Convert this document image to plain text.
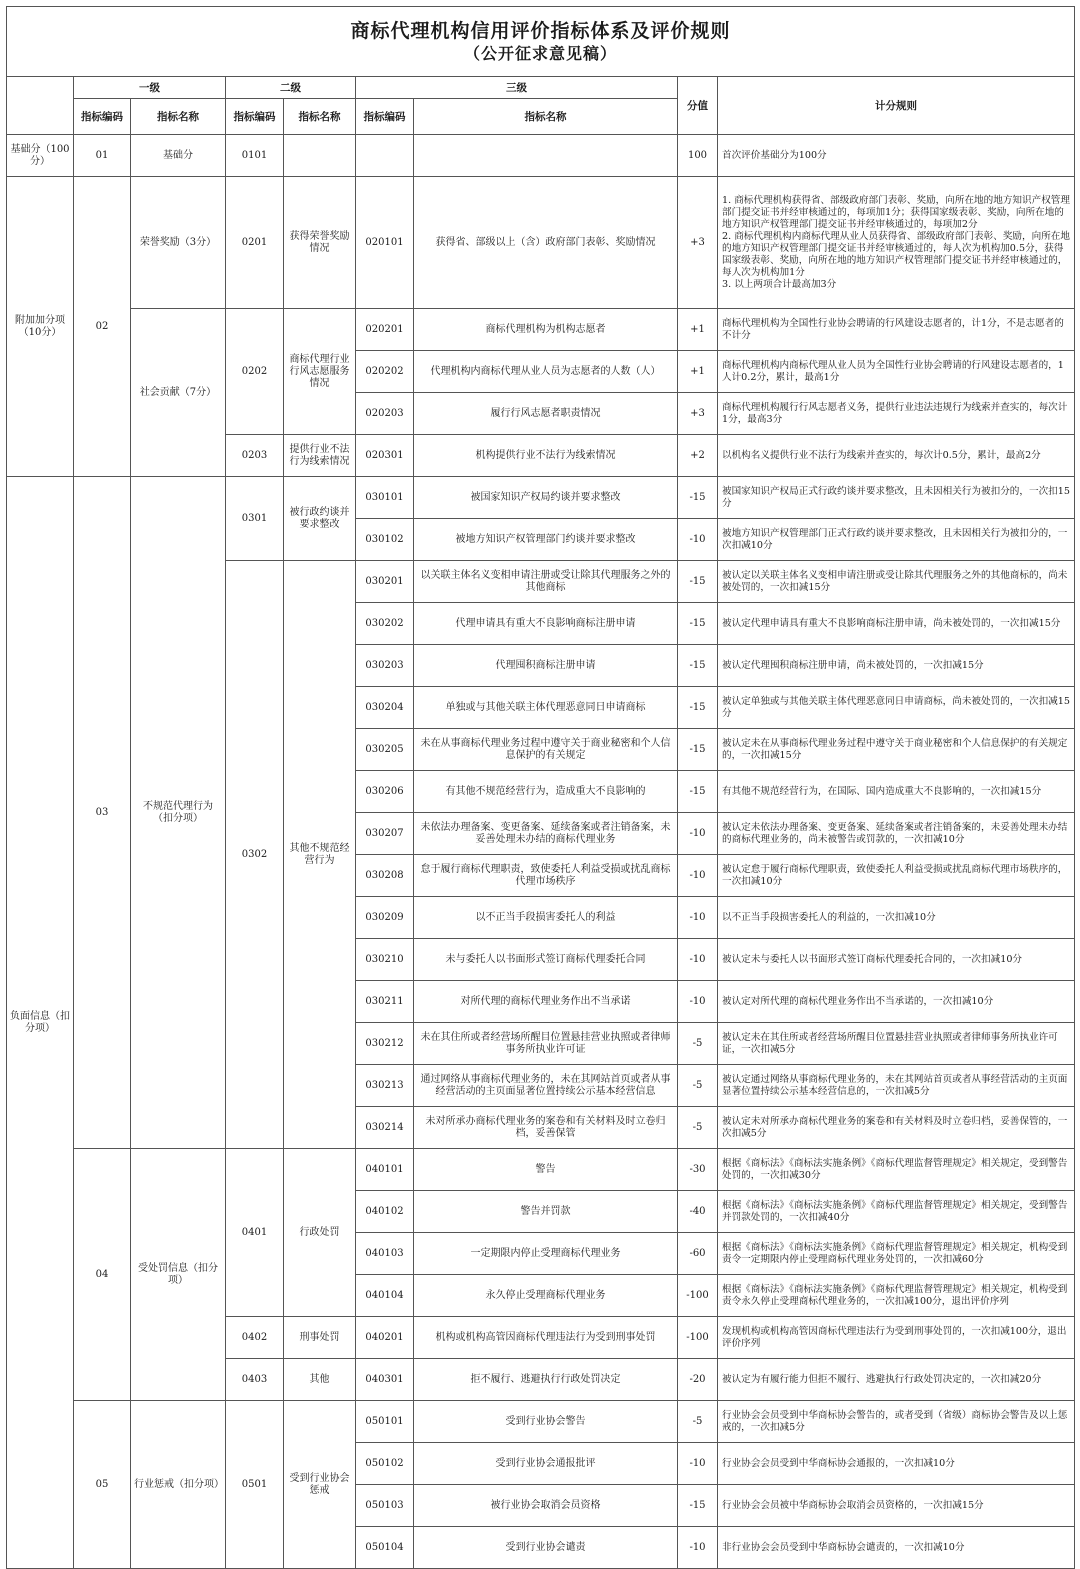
商标代理机构信用评价指标体系及评价规则
（公开征求意见稿）								

	一级		二级		三级		分值	计分规则
	指标编码	指标名称	指标编码	指标名称	指标编码	指标名称		
基础分（100分）	01	基础分	0101				100	首次评价基础分为100分
附加加分项（10分）	02	荣誉奖励（3分）	0201	获得荣誉奖励情况	020101	获得省、部级以上（含）政府部门表彰、奖励情况	+3	1. 商标代理机构获得省、部级政府部门表彰、奖励，向所在地的地方知识产权管理部门提交证书并经审核通过的，每项加1分；获得国家级表彰、奖励，向所在地的地方知识产权管理部门提交证书并经审核通过的，每项加2分
2. 商标代理机构内商标代理从业人员获得省、部级政府部门表彰、奖励，向所在地的地方知识产权管理部门提交证书并经审核通过的，每人次为机构加0.5分，获得国家级表彰、奖励，向所在地的地方知识产权管理部门提交证书并经审核通过的，每人次为机构加1分
3. 以上两项合计最高加3分
		社会贡献（7分）	0202	商标代理行业行风志愿服务情况	020201	商标代理机构为机构志愿者	+1	商标代理机构为全国性行业协会聘请的行风建设志愿者的，计1分，不是志愿者的不计分
					020202	代理机构内商标代理从业人员为志愿者的人数（人）	+1	商标代理机构内商标代理从业人员为全国性行业协会聘请的行风建设志愿者的，1人计0.2分，累计，最高1分
					020203	履行行风志愿者职责情况	+3	商标代理机构履行行风志愿者义务，提供行业违法违规行为线索并查实的，每次计1分，最高3分
			0203	提供行业不法行为线索情况	020301	机构提供行业不法行为线索情况	+2	以机构名义提供行业不法行为线索并查实的，每次计0.5分，累计，最高2分
负面信息（扣分项）	03	不规范代理行为（扣分项）	0301	被行政约谈并要求整改	030101	被国家知识产权局约谈并要求整改	-15	被国家知识产权局正式行政约谈并要求整改，且未因相关行为被扣分的，一次扣15分
					030102	被地方知识产权管理部门约谈并要求整改	-10	被地方知识产权管理部门正式行政约谈并要求整改，且未因相关行为被扣分的，一次扣减10分
			0302	其他不规范经营行为	030201	以关联主体名义变相申请注册或受让除其代理服务之外的其他商标	-15	被认定以关联主体名义变相申请注册或受让除其代理服务之外的其他商标的，尚未被处罚的，一次扣减15分
					030202	代理申请具有重大不良影响商标注册申请	-15	被认定代理申请具有重大不良影响商标注册申请，尚未被处罚的，一次扣减15分
					030203	代理囤积商标注册申请	-15	被认定代理囤积商标注册申请，尚未被处罚的，一次扣减15分
					030204	单独或与其他关联主体代理恶意同日申请商标	-15	被认定单独或与其他关联主体代理恶意同日申请商标，尚未被处罚的，一次扣减15分
					030205	未在从事商标代理业务过程中遵守关于商业秘密和个人信息保护的有关规定	-15	被认定未在从事商标代理业务过程中遵守关于商业秘密和个人信息保护的有关规定的，一次扣减15分
					030206	有其他不规范经营行为，造成重大不良影响的	-15	有其他不规范经营行为，在国际、国内造成重大不良影响的，一次扣减15分
					030207	未依法办理备案、变更备案、延续备案或者注销备案，未妥善处理未办结的商标代理业务	-10	被认定未依法办理备案、变更备案、延续备案或者注销备案的，未妥善处理未办结的商标代理业务的，尚未被警告或罚款的，一次扣减10分
					030208	怠于履行商标代理职责，致使委托人利益受损或扰乱商标代理市场秩序	-10	被认定怠于履行商标代理职责，致使委托人利益受损或扰乱商标代理市场秩序的，一次扣减10分
					030209	以不正当手段损害委托人的利益	-10	以不正当手段损害委托人的利益的，一次扣减10分
					030210	未与委托人以书面形式签订商标代理委托合同	-10	被认定未与委托人以书面形式签订商标代理委托合同的，一次扣减10分
					030211	对所代理的商标代理业务作出不当承诺	-10	被认定对所代理的商标代理业务作出不当承诺的，一次扣减10分
					030212	未在其住所或者经营场所醒目位置悬挂营业执照或者律师事务所执业许可证	-5	被认定未在其住所或者经营场所醒目位置悬挂营业执照或者律师事务所执业许可证，一次扣减5分
					030213	通过网络从事商标代理业务的，未在其网站首页或者从事经营活动的主页面显著位置持续公示基本经营信息	-5	被认定通过网络从事商标代理业务的，未在其网站首页或者从事经营活动的主页面显著位置持续公示基本经营信息的，一次扣减5分
					030214	未对所承办商标代理业务的案卷和有关材料及时立卷归档，妥善保管	-5	被认定未对所承办商标代理业务的案卷和有关材料及时立卷归档，妥善保管的，一次扣减5分
	04	受处罚信息（扣分项）	0401	行政处罚	040101	警告	-30	根据《商标法》《商标法实施条例》《商标代理监督管理规定》相关规定，受到警告处罚的，一次扣减30分
					040102	警告并罚款	-40	根据《商标法》《商标法实施条例》《商标代理监督管理规定》相关规定，受到警告并罚款处罚的，一次扣减40分
					040103	一定期限内停止受理商标代理业务	-60	根据《商标法》《商标法实施条例》《商标代理监督管理规定》相关规定，机构受到责令一定期限内停止受理商标代理业务处罚的，一次扣减60分
					040104	永久停止受理商标代理业务	-100	根据《商标法》《商标法实施条例》《商标代理监督管理规定》相关规定，机构受到责令永久停止受理商标代理业务的，一次扣减100分，退出评价序列
			0402	刑事处罚	040201	机构或机构高管因商标代理违法行为受到刑事处罚	-100	发现机构或机构高管因商标代理违法行为受到刑事处罚的，一次扣减100分，退出评价序列
			0403	其他	040301	拒不履行、逃避执行行政处罚决定	-20	被认定为有履行能力但拒不履行、逃避执行行政处罚决定的，一次扣减20分
	05	行业惩戒（扣分项）	0501	受到行业协会惩戒	050101	受到行业协会警告	-5	行业协会会员受到中华商标协会警告的，或者受到（省级）商标协会警告及以上惩戒的，一次扣减5分
					050102	受到行业协会通报批评	-10	行业协会会员受到中华商标协会通报的，一次扣减10分
					050103	被行业协会取消会员资格	-15	行业协会会员被中华商标协会取消会员资格的，一次扣减15分
					050104	受到行业协会谴责	-10	非行业协会会员受到中华商标协会谴责的，一次扣减10分
